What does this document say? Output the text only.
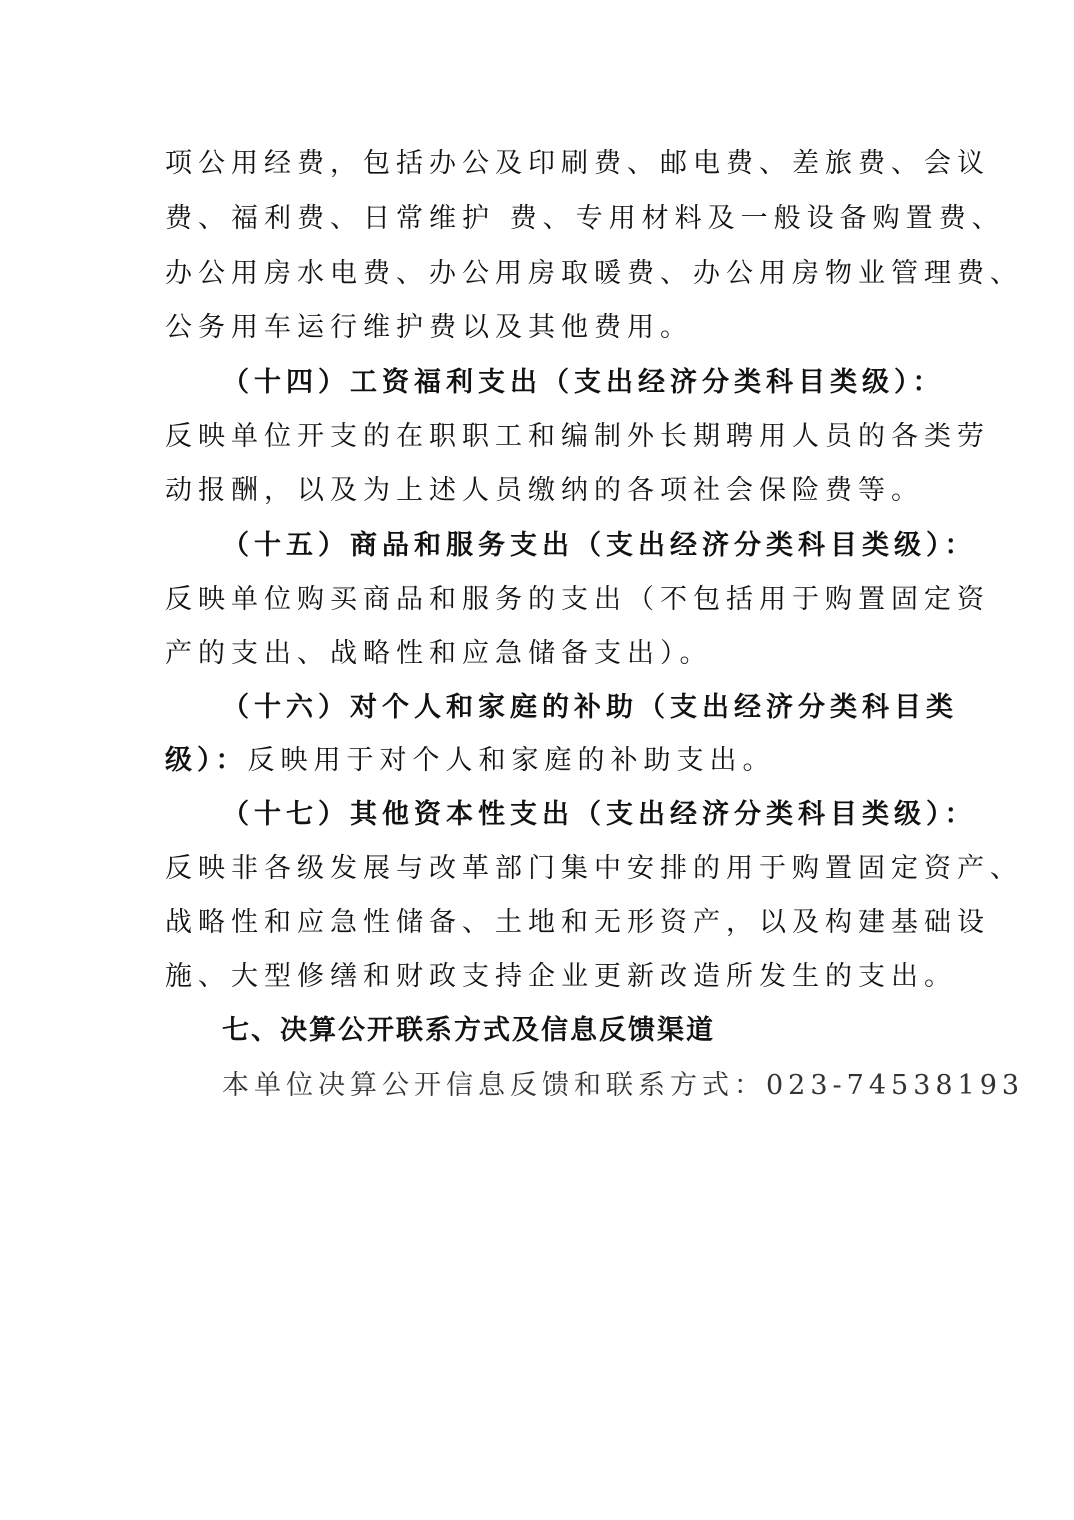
项公用经费，包括办公及印刷费、邮电费、差旅费、会议
费、福利费、日常维护 费、专用材料及一般设备购置费、
办公用房水电费、办公用房取暖费、办公用房物业管理费、
公务用车运行维护费以及其他费用。
（十四）工资福利支出（支出经济分类科目类级）：
反映单位开支的在职职工和编制外长期聘用人员的各类劳
动报酬，以及为上述人员缴纳的各项社会保险费等。
（十五）商品和服务支出（支出经济分类科目类级）：
反映单位购买商品和服务的支出（不包括用于购置固定资
产的支出、战略性和应急储备支出）。
（十六）对个人和家庭的补助（支出经济分类科目类
级）：反映用于对个人和家庭的补助支出。
（十七）其他资本性支出（支出经济分类科目类级）：
反映非各级发展与改革部门集中安排的用于购置固定资产、
战略性和应急性储备、土地和无形资产，以及构建基础设
施、大型修缮和财政支持企业更新改造所发生的支出。
七、决算公开联系方式及信息反馈渠道
本单位决算公开信息反馈和联系方式：023-74538193
